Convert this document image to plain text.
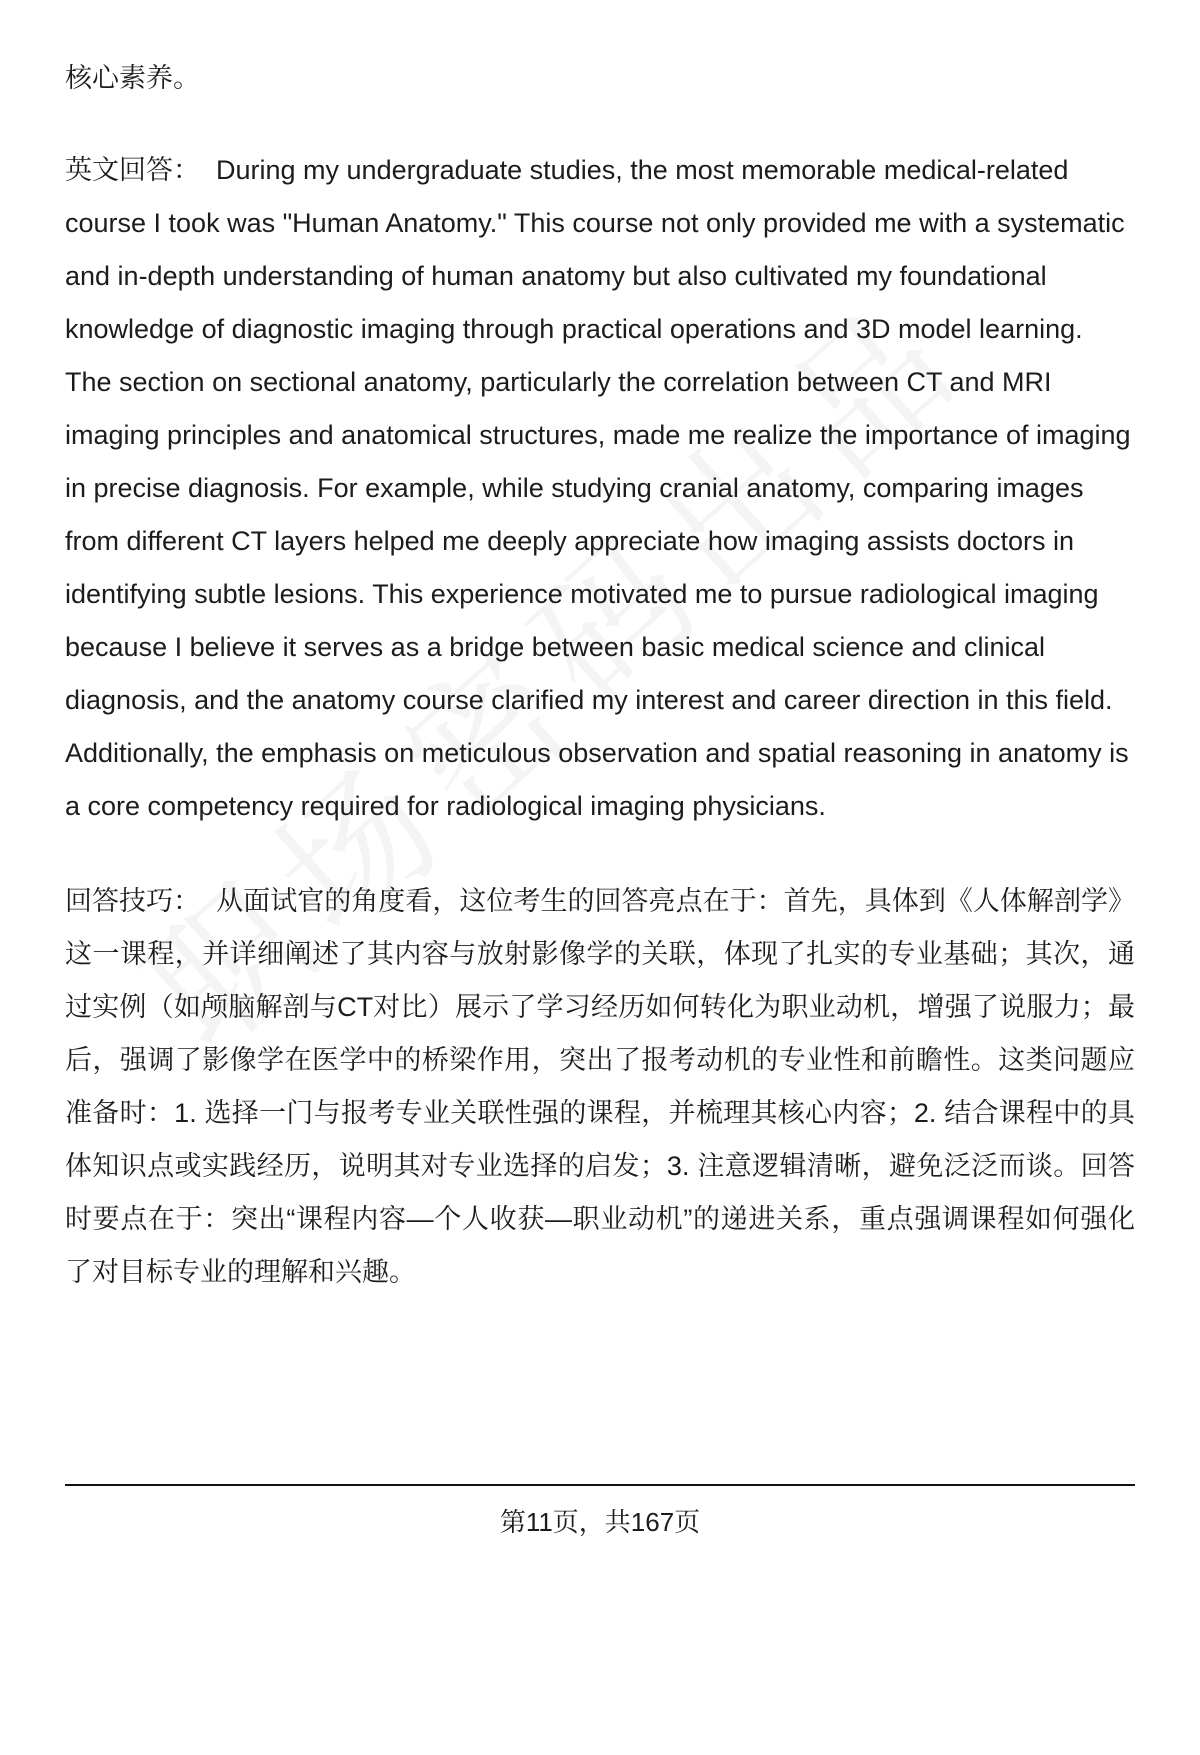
核心素养。

英文回答： During my undergraduate studies, the most memorable medical-related course I took was "Human Anatomy." This course not only provided me with a systematic and in-depth understanding of human anatomy but also cultivated my foundational knowledge of diagnostic imaging through practical operations and 3D model learning. The section on sectional anatomy, particularly the correlation between CT and MRI imaging principles and anatomical structures, made me realize the importance of imaging in precise diagnosis. For example, while studying cranial anatomy, comparing images from different CT layers helped me deeply appreciate how imaging assists doctors in identifying subtle lesions. This experience motivated me to pursue radiological imaging because I believe it serves as a bridge between basic medical science and clinical diagnosis, and the anatomy course clarified my interest and career direction in this field. Additionally, the emphasis on meticulous observation and spatial reasoning in anatomy is a core competency required for radiological imaging physicians.

回答技巧： 从面试官的角度看，这位考生的回答亮点在于：首先，具体到《人体解剖学》这一课程，并详细阐述了其内容与放射影像学的关联，体现了扎实的专业基础；其次，通过实例（如颅脑解剖与CT对比）展示了学习经历如何转化为职业动机，增强了说服力；最后，强调了影像学在医学中的桥梁作用，突出了报考动机的专业性和前瞻性。这类问题应准备时：1. 选择一门与报考专业关联性强的课程，并梳理其核心内容；2. 结合课程中的具体知识点或实践经历，说明其对专业选择的启发；3. 注意逻辑清晰，避免泛泛而谈。回答时要点在于：突出“课程内容—个人收获—职业动机”的递进关系，重点强调课程如何强化了对目标专业的理解和兴趣。

第11页，共167页
